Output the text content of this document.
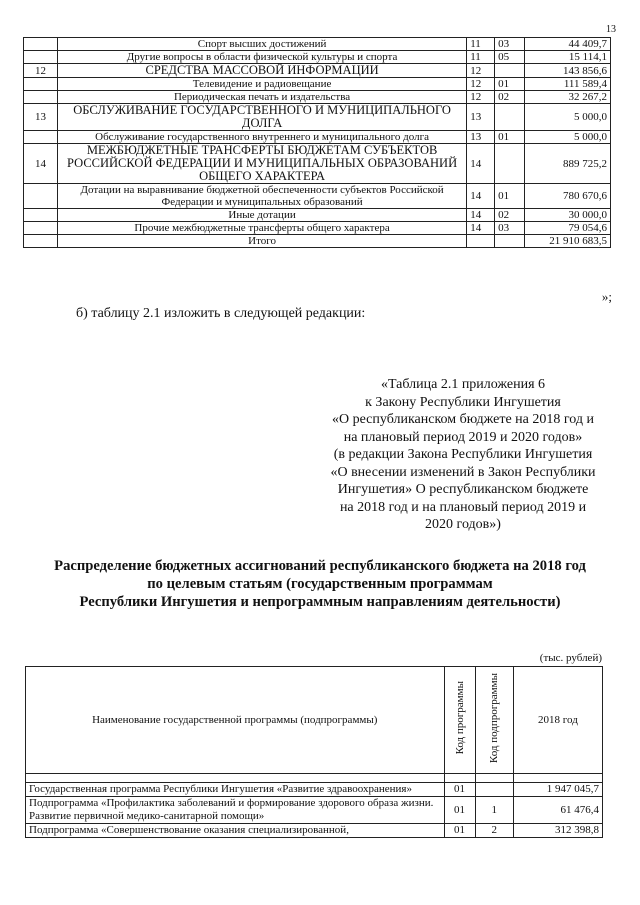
13
	Спорт высших достижений	11	03	44 409,7
	Другие вопросы в области физической культуры и спорта	11	05	15 114,1
12	СРЕДСТВА МАССОВОЙ ИНФОРМАЦИИ	12		143 856,6
	Телевидение и радиовещание	12	01	111 589,4
	Периодическая печать и издательства	12	02	32 267,2
13	ОБСЛУЖИВАНИЕ ГОСУДАРСТВЕННОГО И МУНИЦИПАЛЬНОГО ДОЛГА	13		5 000,0
	Обслуживание государственного внутреннего и муниципального долга	13	01	5 000,0
14	МЕЖБЮДЖЕТНЫЕ ТРАНСФЕРТЫ БЮДЖЕТАМ СУБЪЕКТОВ РОССИЙСКОЙ ФЕДЕРАЦИИ И МУНИЦИПАЛЬНЫХ ОБРАЗОВАНИЙ ОБЩЕГО ХАРАКТЕРА	14		889 725,2
	Дотации на выравнивание бюджетной обеспеченности субъектов Российской Федерации и муниципальных образований	14	01	780 670,6
	Иные дотации	14	02	30 000,0
	Прочие межбюджетные трансферты общего характера	14	03	79 054,6
	Итого			21 910 683,5
»;
б) таблицу 2.1 изложить в следующей редакции:
«Таблица 2.1 приложения 6
к Закону Республики Ингушетия
«О республиканском бюджете на 2018 год и
на плановый период 2019 и 2020 годов»
(в редакции Закона Республики Ингушетия
«О внесении изменений в Закон Республики
Ингушетия» О республиканском бюджете
на 2018 год и на плановый период 2019 и
2020 годов»)
Распределение бюджетных ассигнований республиканского бюджета на 2018 год
по целевым статьям (государственным программам
Республики Ингушетия и непрограммным направлениям деятельности)
(тыс. рублей)
Наименование государственной программы (подпрограммы)	Код программы	Код подпрограммы	2018 год

Государственная программа Республики Ингушетия «Развитие здравоохранения»	01		1 947 045,7
Подпрограмма «Профилактика заболеваний и формирование здорового образа жизни. Развитие первичной медико-санитарной помощи»	01	1	61 476,4
Подпрограмма «Совершенствование оказания специализированной,	01	2	312 398,8
